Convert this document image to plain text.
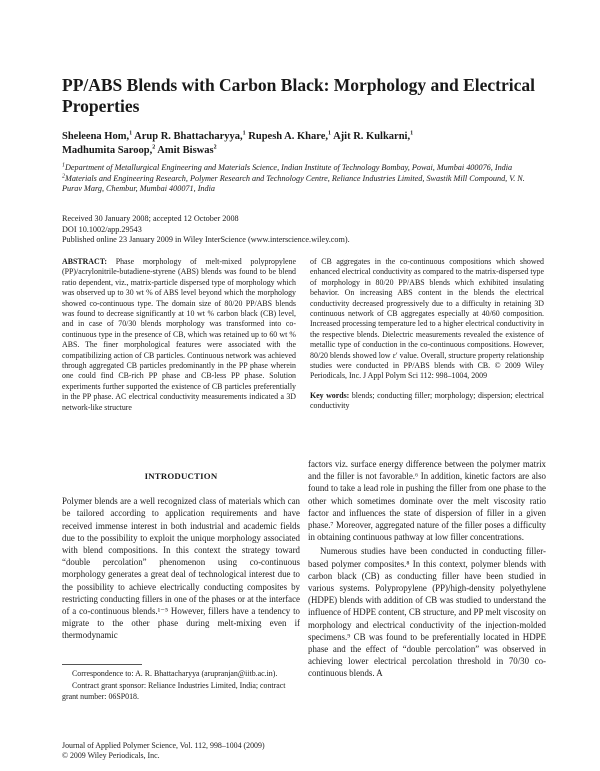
PP/ABS Blends with Carbon Black: Morphology and Electrical Properties
Sheleena Hom,$^1$ Arup R. Bhattacharyya,$^1$ Rupesh A. Khare,$^1$ Ajit R. Kulkarni,$^1$
Madhumita Saroop,$^2$ Amit Biswas$^2$
$^1$Department of Metallurgical Engineering and Materials Science, Indian Institute of Technology Bombay, Powai, Mumbai 400076, India
$^2$Materials and Engineering Research, Polymer Research and Technology Centre, Reliance Industries Limited, Swastik Mill Compound, V. N. Purav Marg, Chembur, Mumbai 400071, India
Received 30 January 2008; accepted 12 October 2008
DOI 10.1002/app.29543
Published online 23 January 2009 in Wiley InterScience (www.interscience.wiley.com).
ABSTRACT: Phase morphology of melt-mixed polypropylene (PP)/acrylonitrile-butadiene-styrene (ABS) blends was found to be blend ratio dependent, viz., matrix-particle dispersed type of morphology which was observed up to 30 wt % of ABS level beyond which the morphology showed co-continuous type. The domain size of 80/20 PP/ABS blends was found to decrease significantly at 10 wt % carbon black (CB) level, and in case of 70/30 blends morphology was transformed into co-continuous type in the presence of CB, which was retained up to 60 wt % ABS. The finer morphological features were associated with the compatibilizing action of CB particles. Continuous network was achieved through aggregated CB particles predominantly in the PP phase wherein one could find CB-rich PP phase and CB-less PP phase. Solution experiments further supported the existence of CB particles preferentially in the PP phase. AC electrical conductivity measurements indicated a 3D network-like structure
of CB aggregates in the co-continuous compositions which showed enhanced electrical conductivity as compared to the matrix-dispersed type of morphology in 80/20 PP/ABS blends which exhibited insulating behavior. On increasing ABS content in the blends the electrical conductivity decreased progressively due to a difficulty in retaining 3D continuous network of CB aggregates especially at 40/60 composition. Increased processing temperature led to a higher electrical conductivity in the respective blends. Dielectric measurements revealed the existence of metallic type of conduction in the co-continuous compositions. However, 80/20 blends showed low ε′ value. Overall, structure property relationship studies were conducted in PP/ABS blends with CB. © 2009 Wiley Periodicals, Inc. J Appl Polym Sci 112: 998–1004, 2009
Key words: blends; conducting filler; morphology; dispersion; electrical conductivity
INTRODUCTION

Polymer blends are a well recognized class of materials which can be tailored according to application requirements and have received immense interest in both industrial and academic fields due to the possibility to exploit the unique morphology associated with blend compositions. In this context the strategy toward “double percolation” phenomenon using co-continuous morphology generates a great deal of technological interest due to the possibility to achieve electrically conducting composites by restricting conducting fillers in one of the phases or at the interface of a co-continuous blends.¹⁻⁵ However, fillers have a tendency to migrate to the other phase during melt-mixing even if thermodynamic

factors viz. surface energy difference between the polymer matrix and the filler is not favorable.⁶ In addition, kinetic factors are also found to take a lead role in pushing the filler from one phase to the other which sometimes dominate over the melt viscosity ratio factor and influences the state of dispersion of filler in a given phase.⁷ Moreover, aggregated nature of the filler poses a difficulty in obtaining continuous pathway at low filler concentrations.

Numerous studies have been conducted in conducting filler-based polymer composites.⁸ In this context, polymer blends with carbon black (CB) as conducting filler have been studied in various systems. Polypropylene (PP)/high-density polyethylene (HDPE) blends with addition of CB was studied to understand the influence of HDPE content, CB structure, and PP melt viscosity on morphology and electrical conductivity of the injection-molded specimens.⁹ CB was found to be preferentially located in HDPE phase and the effect of “double percolation” was observed in achieving lower electrical percolation threshold in 70/30 co-continuous blends. A

Correspondence to: A. R. Bhattacharyya (arupranjan@iitb.ac.in).

Contract grant sponsor: Reliance Industries Limited, India; contract grant number: 06SP018.

Journal of Applied Polymer Science, Vol. 112, 998–1004 (2009)
© 2009 Wiley Periodicals, Inc.
